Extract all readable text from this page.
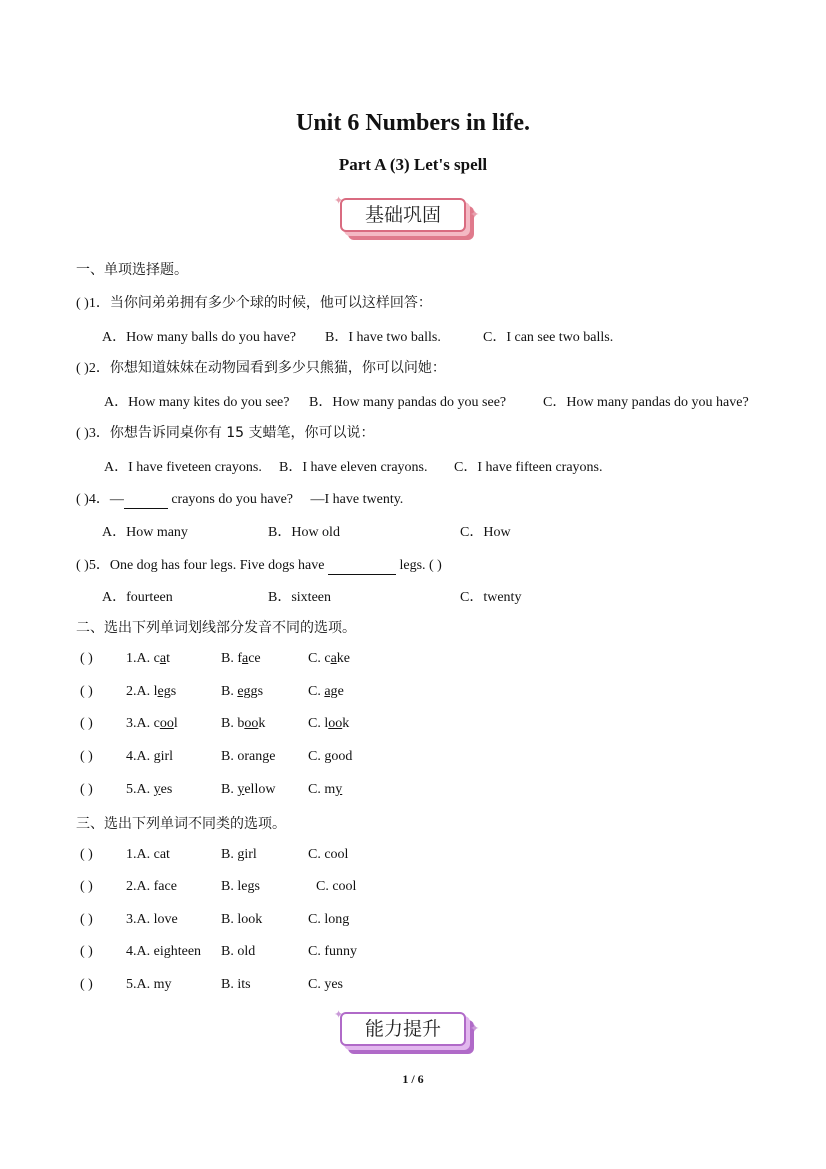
Unit 6 Numbers in life.
Part A (3) Let's spell
基础巩固
✦
✦
一、单项选择题。
( )1．当你问弟弟拥有多少个球的时候，他可以这样回答：
A．How many balls do you have? B．I have two balls.	C．I can see two balls.
( )2．你想知道妹妹在动物园看到多少只熊猫，你可以问她：
A．How many kites do you see? B．How many pandas do you see?	C．How many pandas do you have?
( )3．你想告诉同桌你有 15 支蜡笔，你可以说：
A．I have fiveteen crayons. B．I have eleven crayons. C．I have fifteen crayons.
( )4．—	crayons do you have? —I have twenty.
A．How many	B．How old	C．How
( )5．One dog has four legs. Five dogs have	legs. ( )
A．fourteen	B．sixteen	C．twenty
二、选出下列单词划线部分发音不同的选项。
( ) 1.A. cat	B. face	C. cake
( ) 2.A. legs	B. eggs	C. age
( ) 3.A. cool	B. book	C. look
( ) 4.A. girl	B. orange C. good
( ) 5.A. yes	B. yellow C. my
三、选出下列单词不同类的选项。
( ) 1.A. cat	B. girl	C. cool
( ) 2.A. face	B. legs	C. cool
( ) 3.A. love	B. look	C. long
( ) 4.A. eighteen B. old	C. funny
( ) 5.A. my	B. its	C. yes
能力提升
✦
✦
1 / 6
